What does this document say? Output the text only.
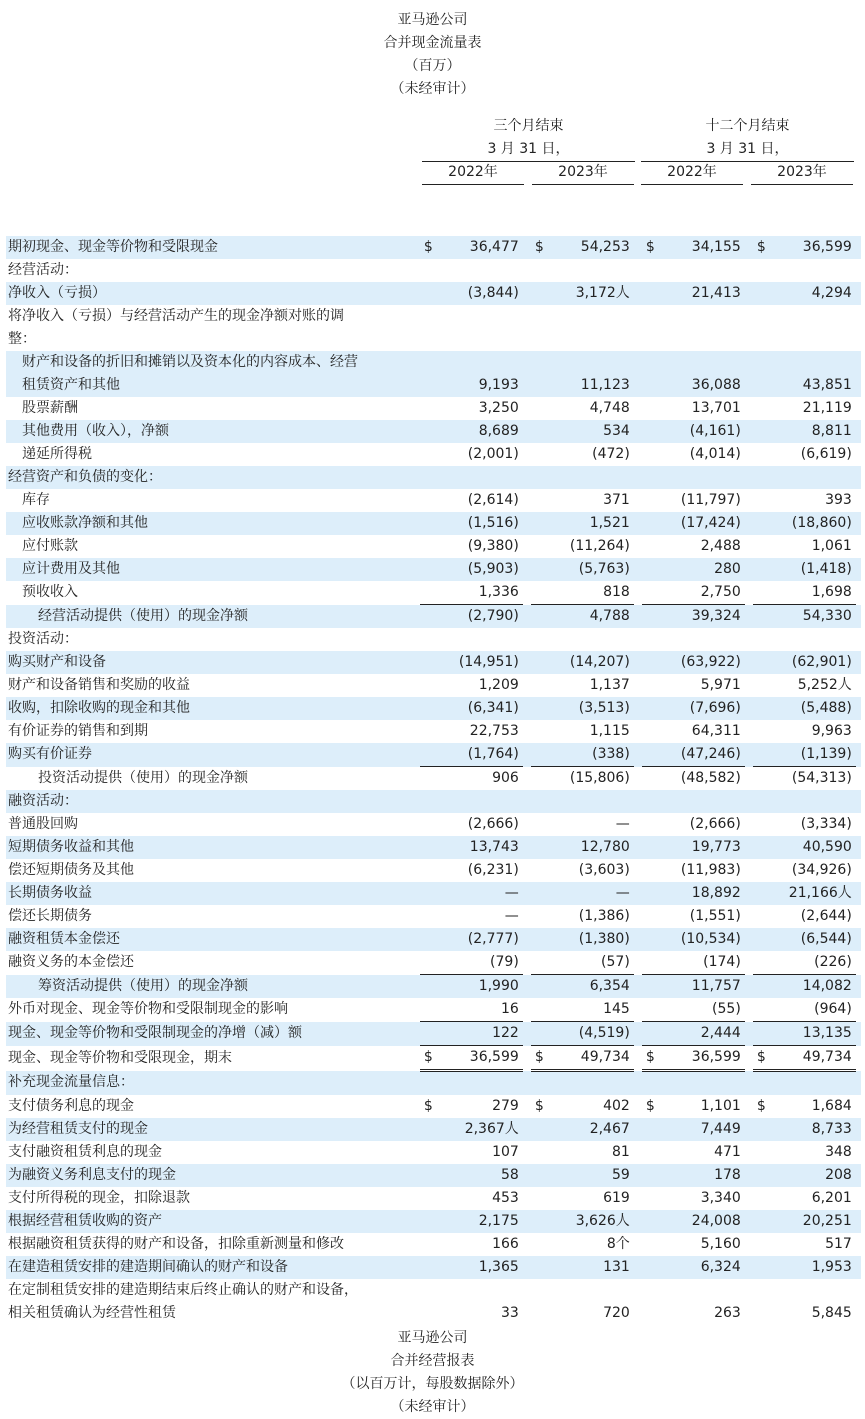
亚马逊公司
合并现金流量表
（百万）
（未经审计）
三个月结束
3 月 31 日，
十二个月结束
3 月 31 日，
2022年	2023年	2022年	2023年
期初现金、现金等价物和受限现金	$	36,477		$	54,253		$	34,155		$	36,599	
经营活动：												
净收入（亏损）		(3,844)			3,172人			21,413			4,294	
将净收入（亏损）与经营活动产生的现金净额对账的调												
整：												
财产和设备的折旧和摊销以及资本化的内容成本、经营												
租赁资产和其他		9,193			11,123			36,088			43,851	
股票薪酬		3,250			4,748			13,701			21,119	
其他费用（收入），净额		8,689			534			(4,161)			8,811	
递延所得税		(2,001)			(472)			(4,014)			(6,619)	
经营资产和负债的变化：												
库存		(2,614)			371			(11,797)			393	
应收账款净额和其他		(1,516)			1,521			(17,424)			(18,860)	
应付账款		(9,380)			(11,264)			2,488			1,061	
应计费用及其他		(5,903)			(5,763)			280			(1,418)	
预收收入		1,336			818			2,750			1,698	
经营活动提供（使用）的现金净额		(2,790)			4,788			39,324			54,330	
投资活动：												
购买财产和设备		(14,951)			(14,207)			(63,922)			(62,901)	
财产和设备销售和奖励的收益		1,209			1,137			5,971			5,252人	
收购，扣除收购的现金和其他		(6,341)			(3,513)			(7,696)			(5,488)	
有价证券的销售和到期		22,753			1,115			64,311			9,963	
购买有价证券		(1,764)			(338)			(47,246)			(1,139)	
投资活动提供（使用）的现金净额		906			(15,806)			(48,582)			(54,313)	
融资活动：												
普通股回购		(2,666)			—			(2,666)			(3,334)	
短期债务收益和其他		13,743			12,780			19,773			40,590	
偿还短期债务及其他		(6,231)			(3,603)			(11,983)			(34,926)	
长期债务收益		—			—			18,892			21,166人	
偿还长期债务		—			(1,386)			(1,551)			(2,644)	
融资租赁本金偿还		(2,777)			(1,380)			(10,534)			(6,544)	
融资义务的本金偿还		(79)			(57)			(174)			(226)	
筹资活动提供（使用）的现金净额		1,990			6,354			11,757			14,082	
外币对现金、现金等价物和受限制现金的影响		16			145			(55)			(964)	
现金、现金等价物和受限制现金的净增（减）额		122			(4,519)			2,444			13,135	
现金、现金等价物和受限现金，期末	$	36,599		$	49,734		$	36,599		$	49,734	
补充现金流量信息：												
支付债务利息的现金	$	279		$	402		$	1,101		$	1,684	
为经营租赁支付的现金		2,367人			2,467			7,449			8,733	
支付融资租赁利息的现金		107			81			471			348	
为融资义务利息支付的现金		58			59			178			208	
支付所得税的现金，扣除退款		453			619			3,340			6,201	
根据经营租赁收购的资产		2,175			3,626人			24,008			20,251	
根据融资租赁获得的财产和设备，扣除重新测量和修改		166			8个			5,160			517	
在建造租赁安排的建造期间确认的财产和设备		1,365			131			6,324			1,953	
在定制租赁安排的建造期结束后终止确认的财产和设备，												
相关租赁确认为经营性租赁		33			720			263			5,845	
亚马逊公司
合并经营报表
（以百万计，每股数据除外）
（未经审计）
